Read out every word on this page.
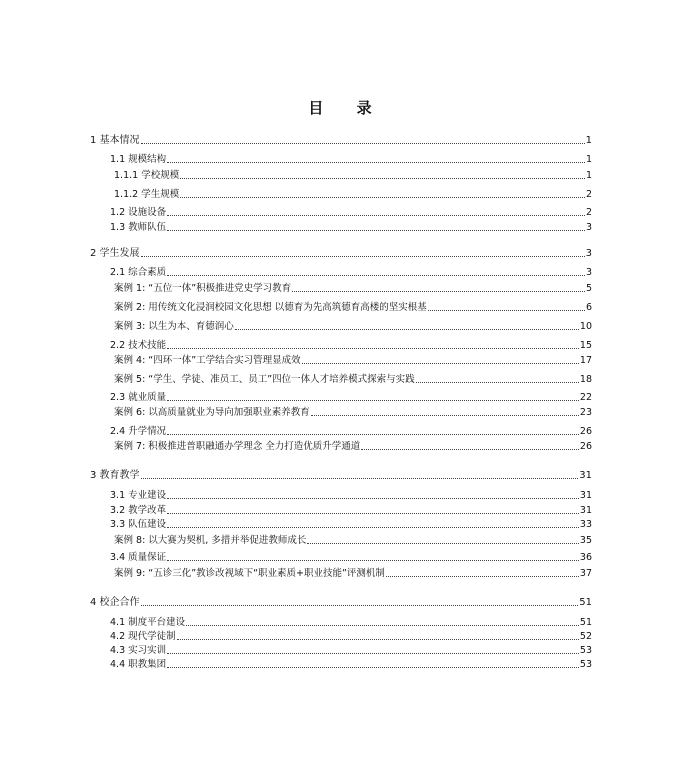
目 录
1 基本情况	1
1.1 规模结构	1
1.1.1 学校规模	1
1.1.2 学生规模	2
1.2 设施设备	2
1.3 教师队伍	3
2 学生发展	3
2.1 综合素质	3
案例 1: “五位一体”积极推进党史学习教育	5
案例 2: 用传统文化浸润校园文化思想 以德育为先高筑德育高楼的坚实根基	6
案例 3: 以生为本、育德润心	10
2.2 技术技能	15
案例 4: “四环一体”工学结合实习管理显成效	17
案例 5: “学生、学徒、准员工、员工”四位一体人才培养模式探索与实践	18
2.3 就业质量	22
案例 6: 以高质量就业为导向加强职业素养教育	23
2.4 升学情况	26
案例 7: 积极推进普职融通办学理念 全力打造优质升学通道	26
3 教育教学	31
3.1 专业建设	31
3.2 教学改革	31
3.3 队伍建设	33
案例 8: 以大赛为契机, 多措并举促进教师成长	35
3.4 质量保证	36
案例 9: “五诊三化”教诊改视域下“职业素质+职业技能”评测机制	37
4 校企合作	51
4.1 制度平台建设	51
4.2 现代学徒制	52
4.3 实习实训	53
4.4 职教集团	53
